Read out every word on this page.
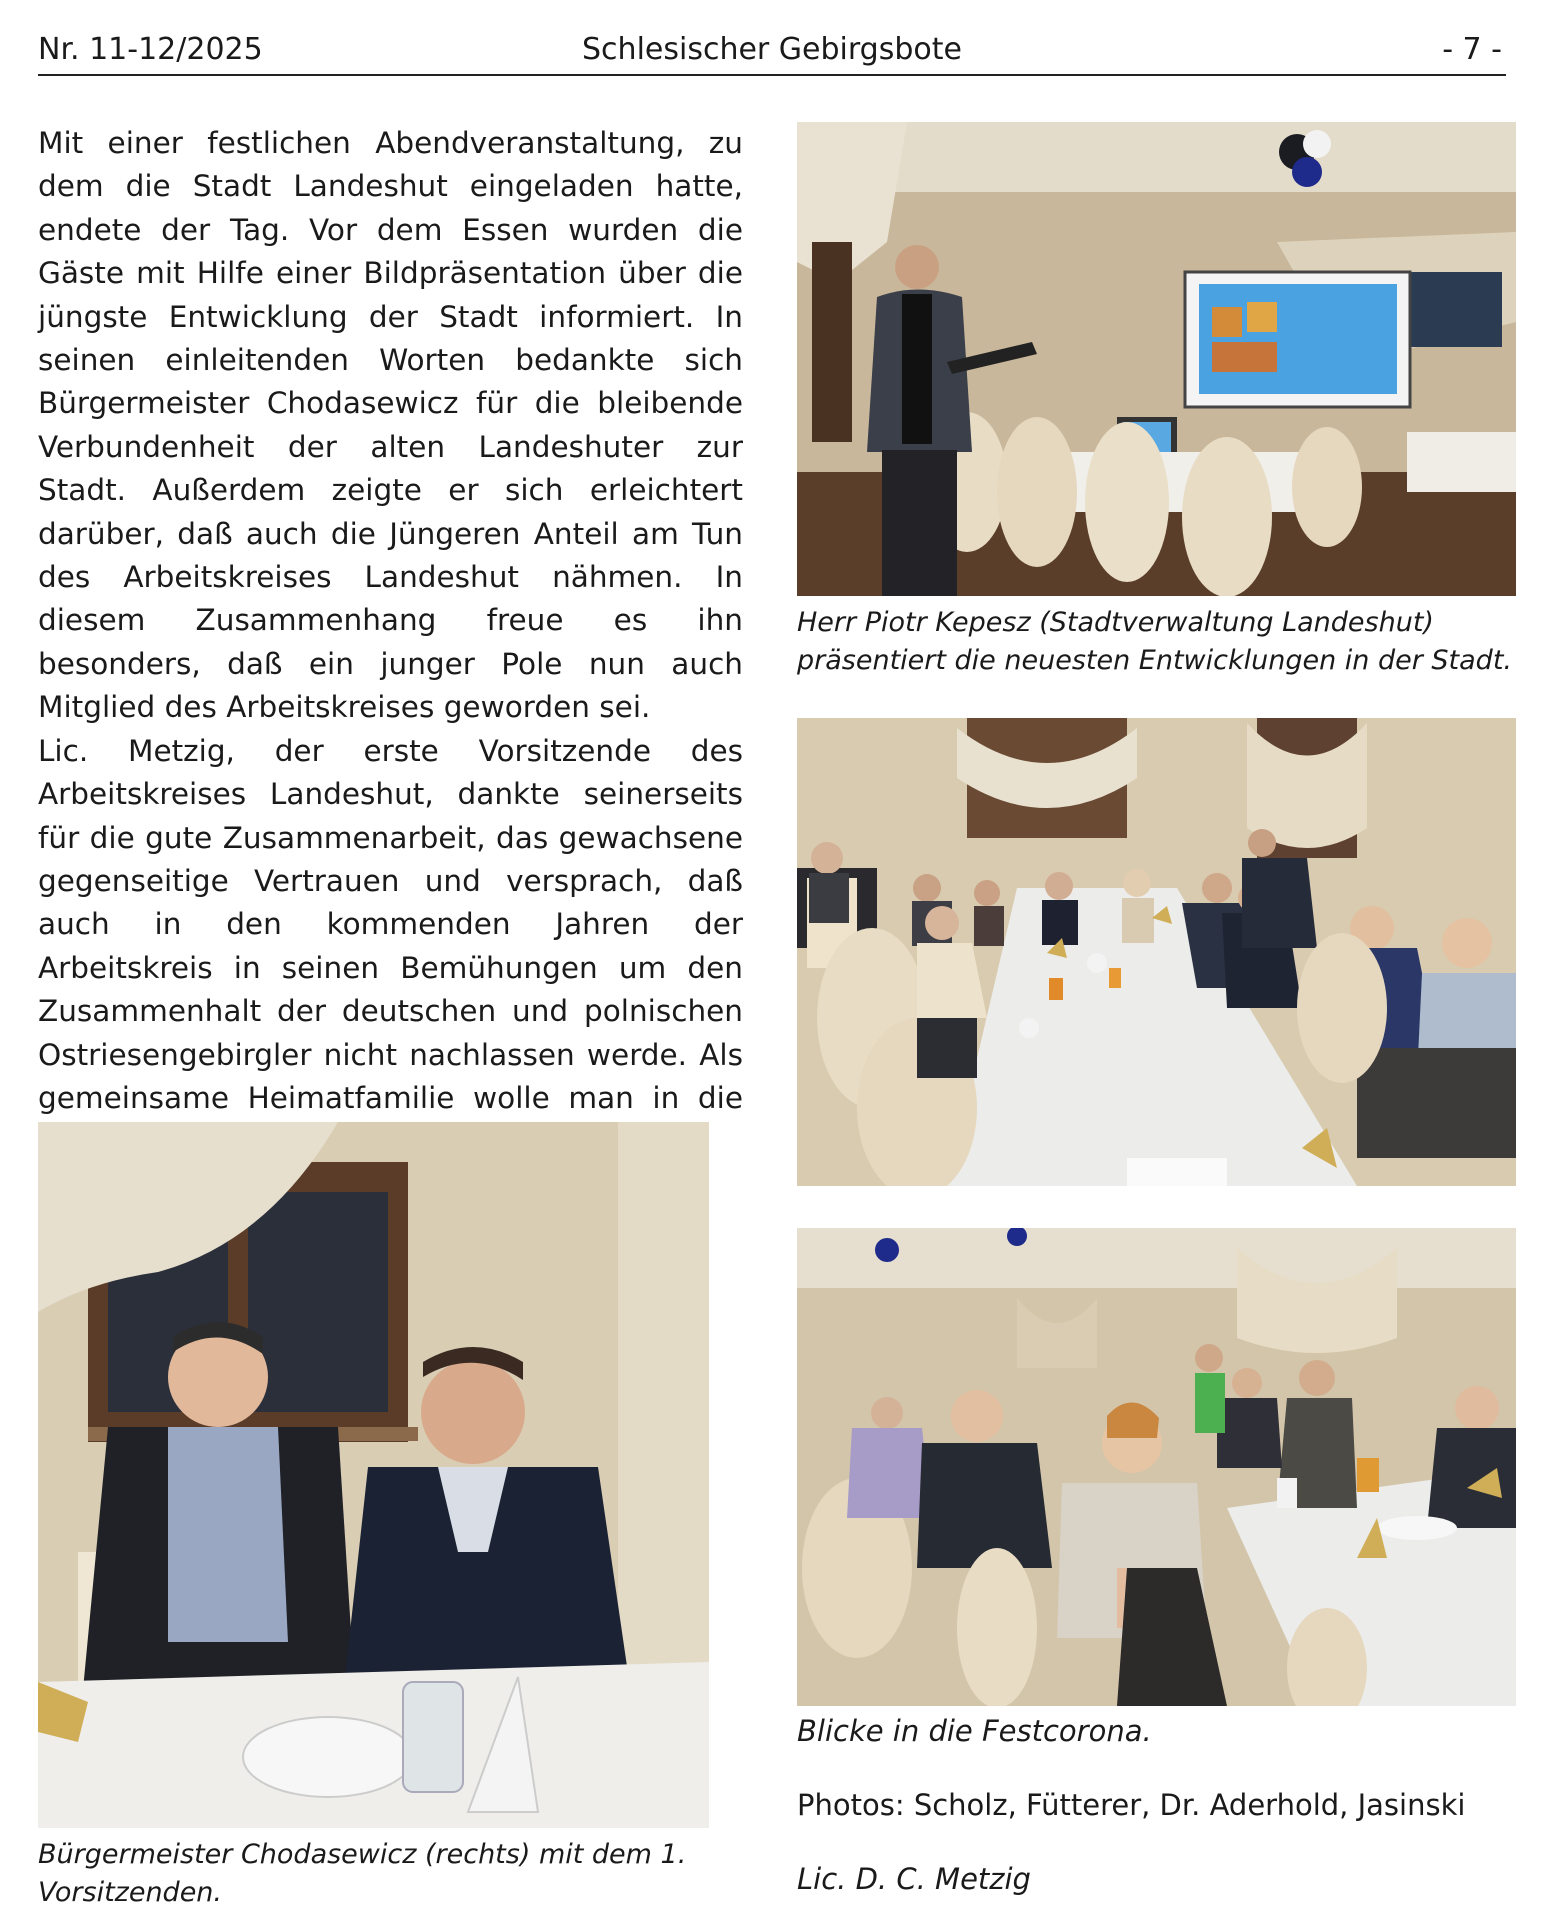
Nr. 11-12/2025	Schlesischer Gebirgsbote	- 7 -

Mit einer festlichen Abendveranstaltung, zu dem die Stadt Landeshut eingeladen hatte, endete der Tag. Vor dem Essen wurden die Gäste mit Hilfe einer Bildpräsentation über die jüngste Entwicklung der Stadt informiert. In seinen einleitenden Worten bedankte sich Bürgermeister Chodasewicz für die bleibende Verbundenheit der alten Landeshuter zur Stadt. Außerdem zeigte er sich erleichtert darüber, daß auch die Jüngeren Anteil am Tun des Arbeitskreises Landeshut nähmen. In diesem Zusammenhang freue es ihn besonders, daß ein junger Pole nun auch Mitglied des Arbeitskreises geworden sei.

Lic. Metzig, der erste Vorsitzende des Arbeitskreises Landeshut, dankte seinerseits für die gute Zusammenarbeit, das gewachsene gegenseitige Vertrauen und versprach, daß auch in den kommenden Jahren der Arbeitskreis in seinen Bemühungen um den Zusammenhalt der deutschen und polnischen Ostriesengebirgler nicht nachlassen werde. Als gemeinsame Heimatfamilie wolle man in die

Herr Piotr Kepesz (Stadtverwaltung Landeshut) präsentiert die neuesten Entwicklungen in der Stadt.
Blicke in die Festcorona.
Photos: Scholz, Fütterer, Dr. Aderhold, Jasinski
Lic. D. C. Metzig
Bürgermeister Chodasewicz (rechts) mit dem 1. Vorsitzenden.
